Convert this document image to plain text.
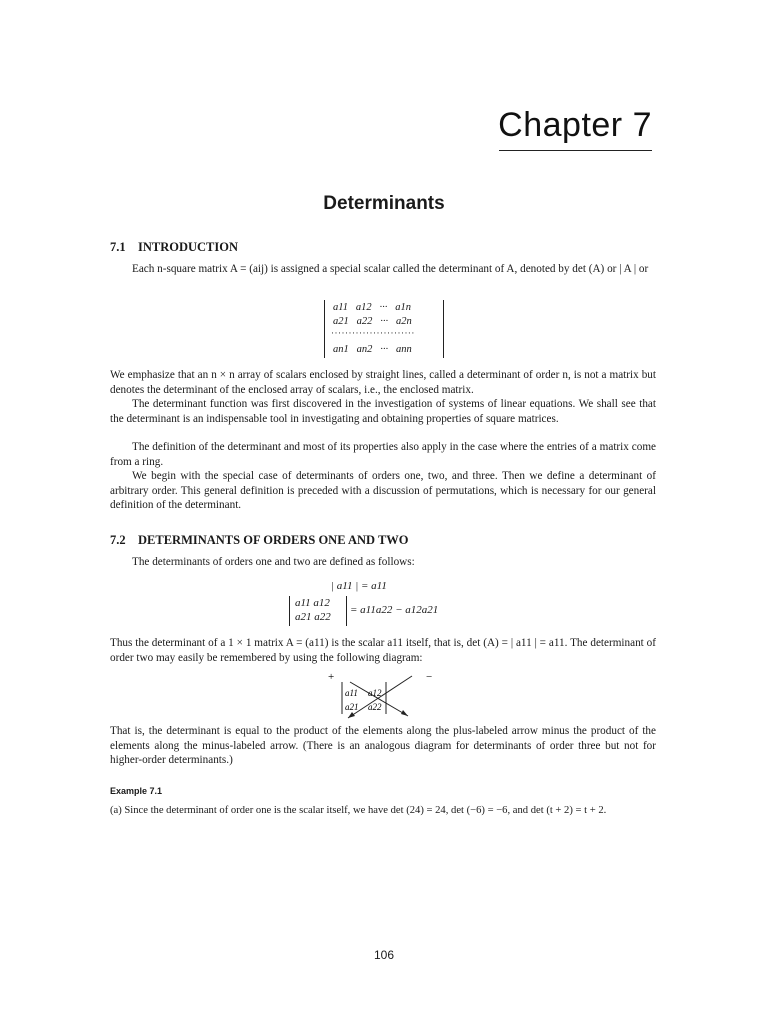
Chapter 7
Determinants
7.1 INTRODUCTION
Each n-square matrix A = (aij) is assigned a special scalar called the determinant of A, denoted by det (A) or | A | or
a11   a12   ···   a1n
a21   a22   ···   a2n
························
an1   an2   ···   ann
We emphasize that an n × n array of scalars enclosed by straight lines, called a determinant of order n, is not a matrix but denotes the determinant of the enclosed array of scalars, i.e., the enclosed matrix.
The determinant function was first discovered in the investigation of systems of linear equations. We shall see that the determinant is an indispensable tool in investigating and obtaining properties of square matrices.
The definition of the determinant and most of its properties also apply in the case where the entries of a matrix come from a ring.
We begin with the special case of determinants of orders one, two, and three. Then we define a determinant of arbitrary order. This general definition is preceded with a discussion of permutations, which is necessary for our general definition of the determinant.
7.2 DETERMINANTS OF ORDERS ONE AND TWO
The determinants of orders one and two are defined as follows:
| a11 | = a11
a11 a12
a21 a22
= a11a22 − a12a21
Thus the determinant of a 1 × 1 matrix A = (a11) is the scalar a11 itself, that is, det (A) = | a11 | = a11. The determinant of order two may easily be remembered by using the following diagram:
+	−
a11 a12
a21 a22
That is, the determinant is equal to the product of the elements along the plus-labeled arrow minus the product of the elements along the minus-labeled arrow. (There is an analogous diagram for determinants of order three but not for higher-order determinants.)
Example 7.1
(a) Since the determinant of order one is the scalar itself, we have det (24) = 24, det (−6) = −6, and det (t + 2) = t + 2.
106
